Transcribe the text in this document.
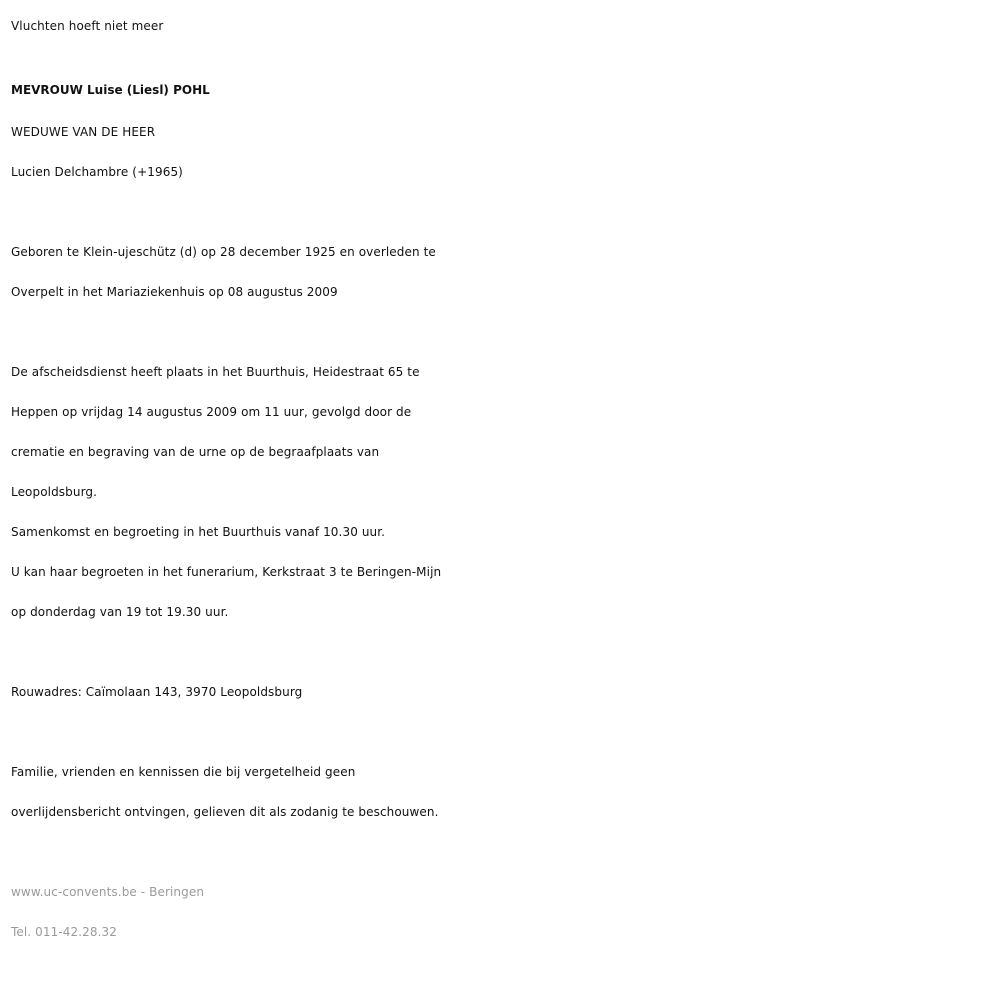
Vluchten hoeft niet meer
MEVROUW Luise (Liesl) POHL
WEDUWE VAN DE HEER
Lucien Delchambre (+1965)
Geboren te Klein-ujeschütz (d) op 28 december 1925 en overleden te
Overpelt in het Mariaziekenhuis op 08 augustus 2009
De afscheidsdienst heeft plaats in het Buurthuis, Heidestraat 65 te
Heppen op vrijdag 14 augustus 2009 om 11 uur, gevolgd door de
crematie en begraving van de urne op de begraafplaats van
Leopoldsburg.
Samenkomst en begroeting in het Buurthuis vanaf 10.30 uur.
U kan haar begroeten in het funerarium, Kerkstraat 3 te Beringen-Mijn
op donderdag van 19 tot 19.30 uur.
Rouwadres: Caïmolaan 143, 3970 Leopoldsburg
Familie, vrienden en kennissen die bij vergetelheid geen
overlijdensbericht ontvingen, gelieven dit als zodanig te beschouwen.
www.uc-convents.be - Beringen
Tel. 011-42.28.32
